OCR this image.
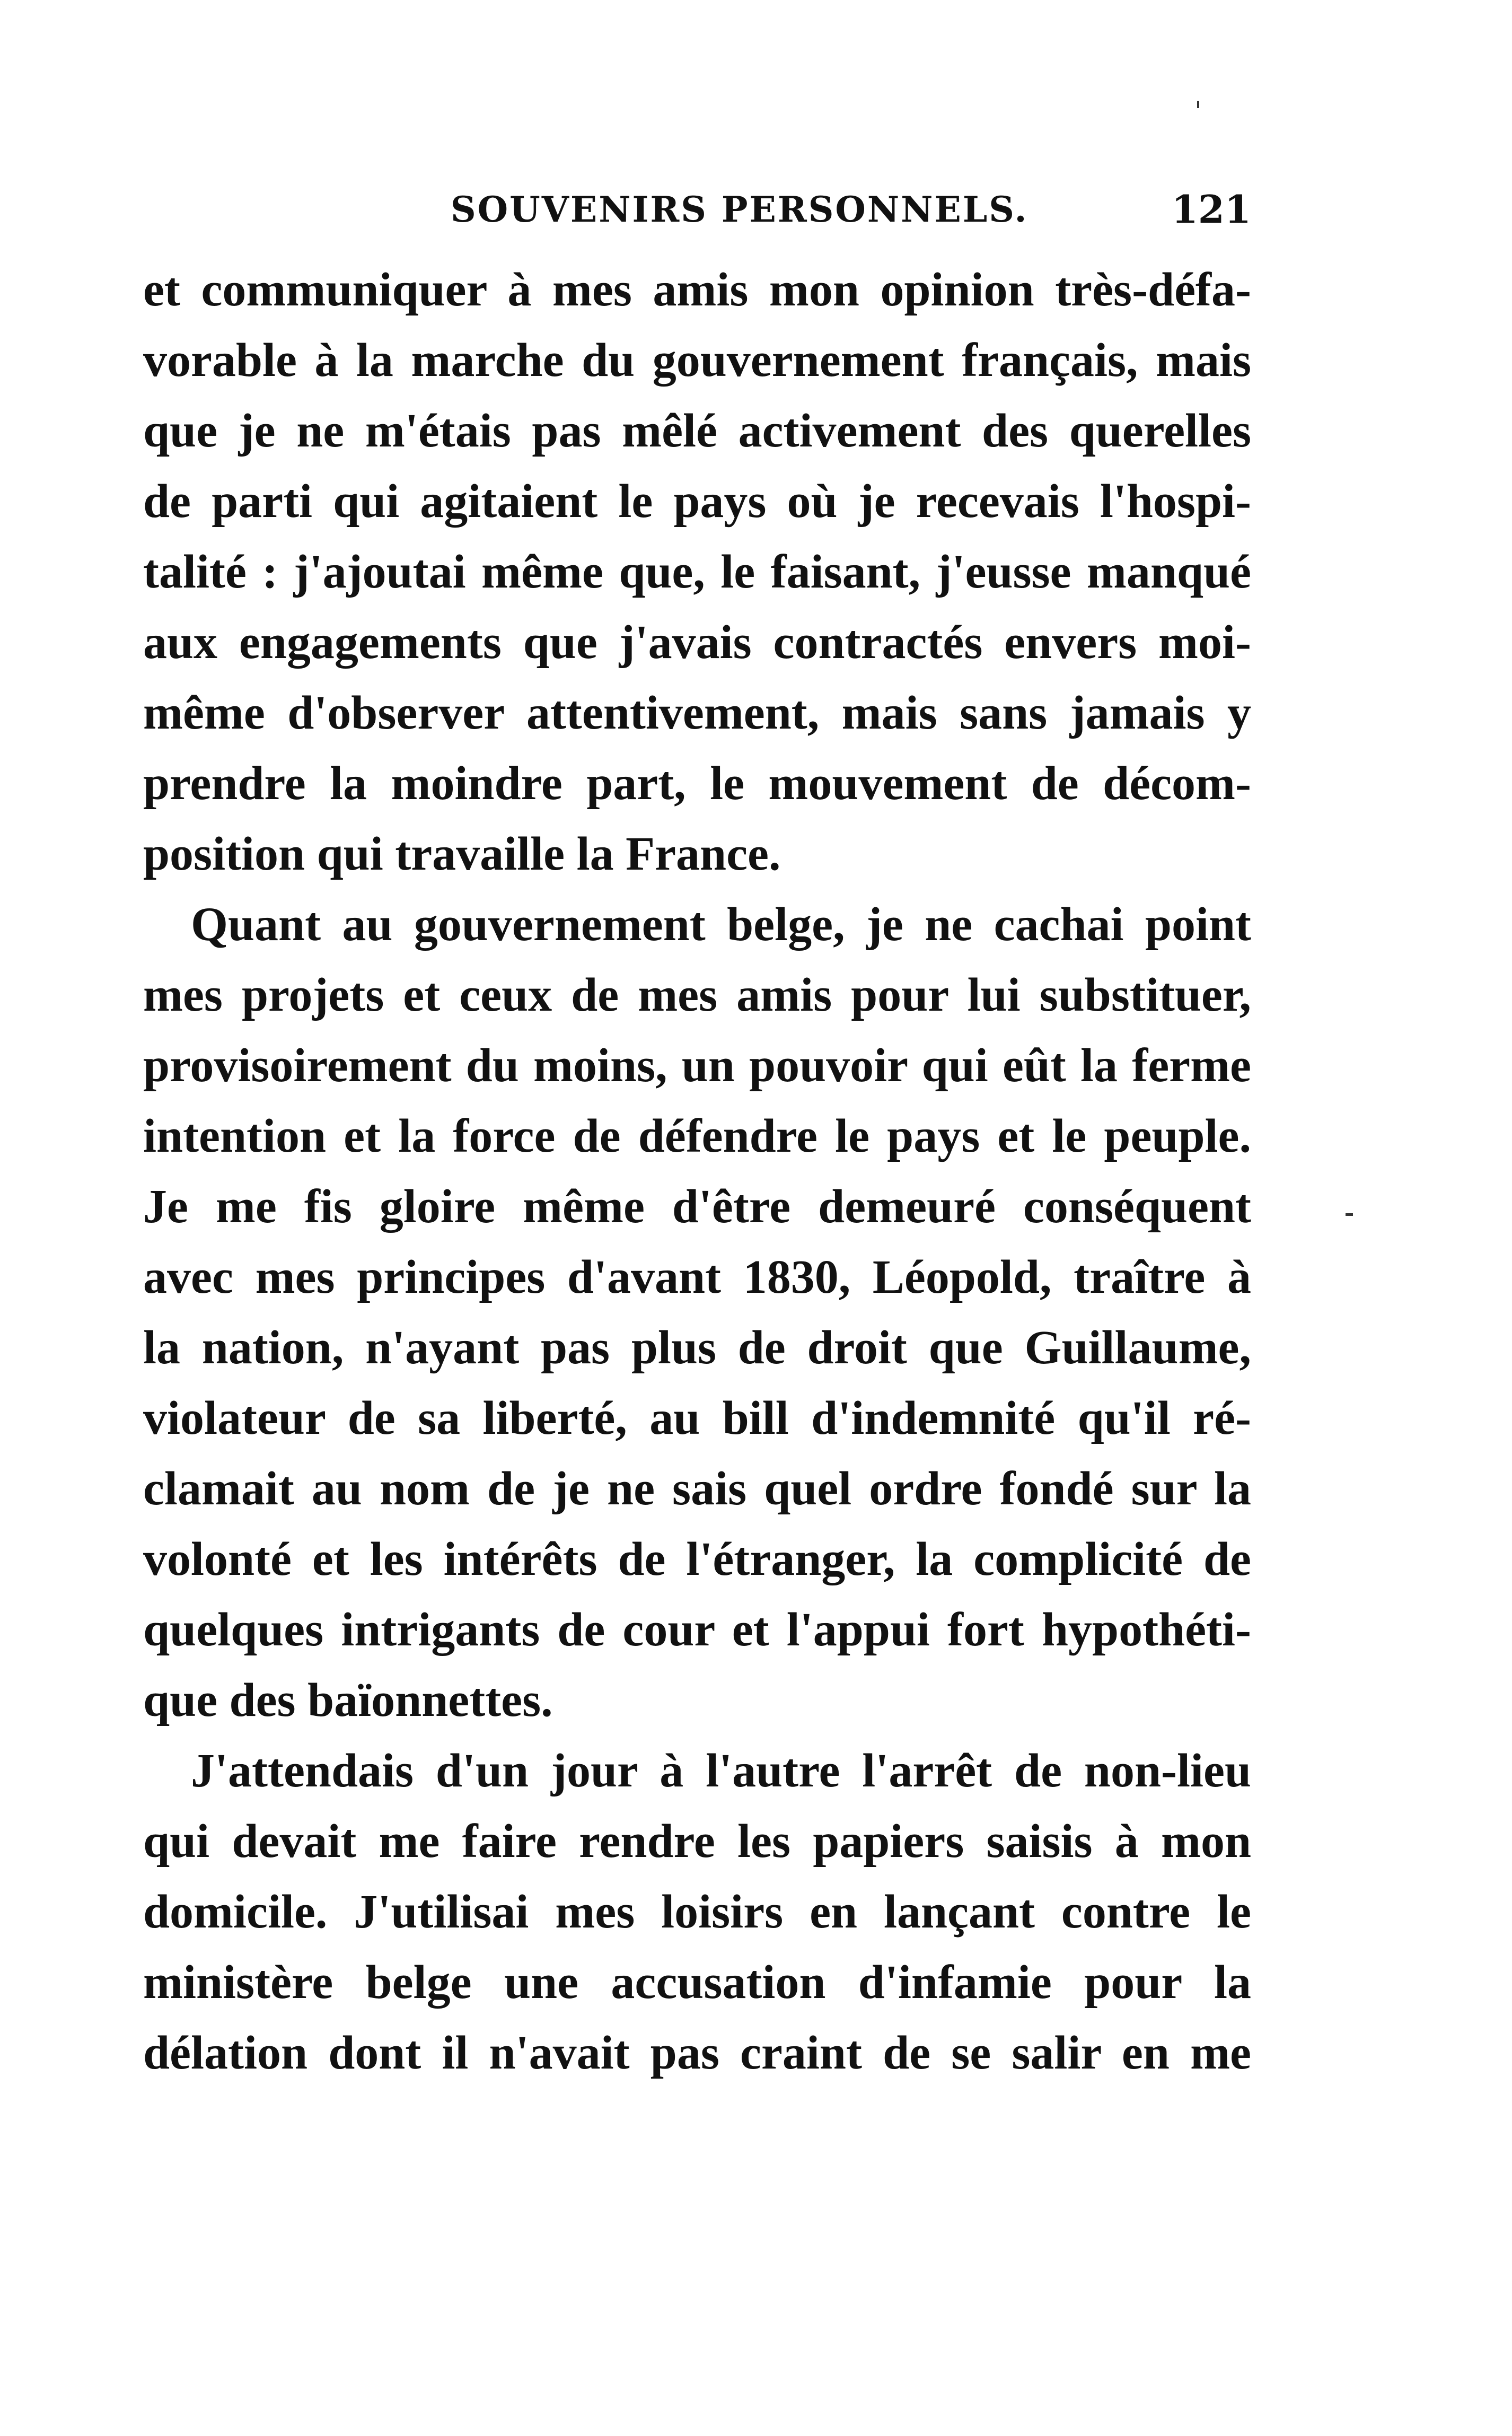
SOUVENIRS PERSONNELS.	121
et communiquer à mes amis mon opinion très-défa-
vorable à la marche du gouvernement français, mais
que je ne m'étais pas mêlé activement des querelles
de parti qui agitaient le pays où je recevais l'hospi-
talité : j'ajoutai même que, le faisant, j'eusse manqué
aux engagements que j'avais contractés envers moi-
même d'observer attentivement, mais sans jamais y
prendre la moindre part, le mouvement de décom-
position qui travaille la France.
Quant au gouvernement belge, je ne cachai point
mes projets et ceux de mes amis pour lui substituer,
provisoirement du moins, un pouvoir qui eût la ferme
intention et la force de défendre le pays et le peuple.
Je me fis gloire même d'être demeuré conséquent
avec mes principes d'avant 1830, Léopold, traître à
la nation, n'ayant pas plus de droit que Guillaume,
violateur de sa liberté, au bill d'indemnité qu'il ré-
clamait au nom de je ne sais quel ordre fondé sur la
volonté et les intérêts de l'étranger, la complicité de
quelques intrigants de cour et l'appui fort hypothéti-
que des baïonnettes.
J'attendais d'un jour à l'autre l'arrêt de non-lieu
qui devait me faire rendre les papiers saisis à mon
domicile. J'utilisai mes loisirs en lançant contre le
ministère belge une accusation d'infamie pour la
délation dont il n'avait pas craint de se salir en me
